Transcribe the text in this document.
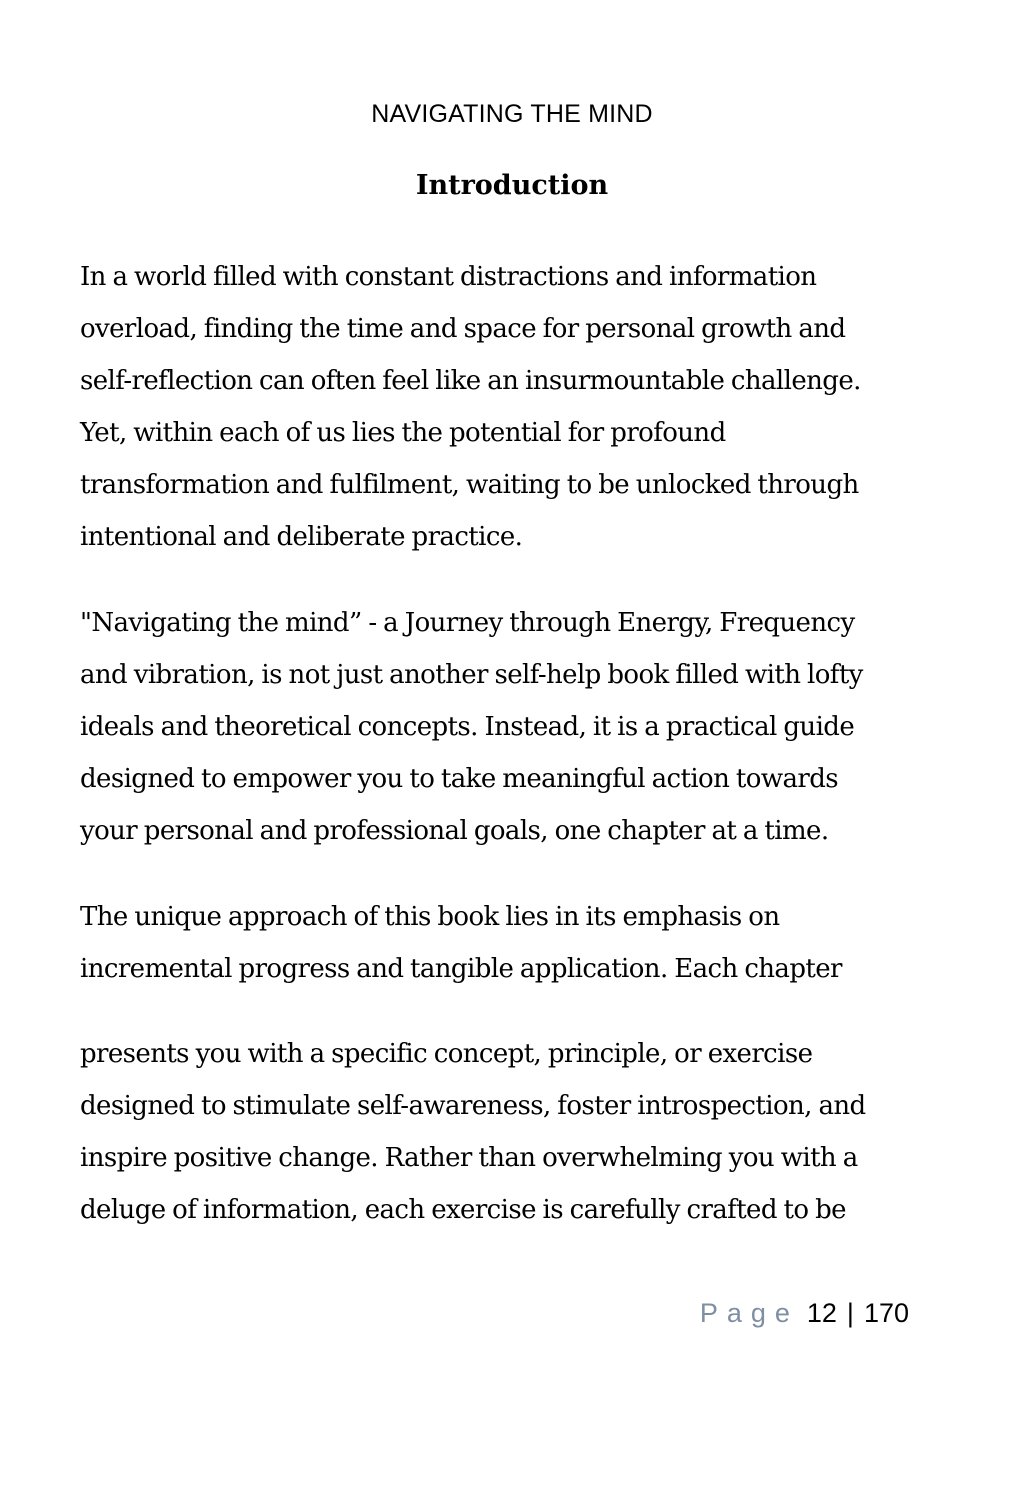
NAVIGATING THE MIND
Introduction

In a world filled with constant distractions and information
overload, finding the time and space for personal growth and
self-reflection can often feel like an insurmountable challenge.
Yet, within each of us lies the potential for profound
transformation and fulfilment, waiting to be unlocked through
intentional and deliberate practice.

"Navigating the mind” - a Journey through Energy, Frequency
and vibration, is not just another self-help book filled with lofty
ideals and theoretical concepts. Instead, it is a practical guide
designed to empower you to take meaningful action towards
your personal and professional goals, one chapter at a time.

The unique approach of this book lies in its emphasis on
incremental progress and tangible application. Each chapter

presents you with a specific concept, principle, or exercise
designed to stimulate self-awareness, foster introspection, and
inspire positive change. Rather than overwhelming you with a
deluge of information, each exercise is carefully crafted to be

Page 12 | 170
